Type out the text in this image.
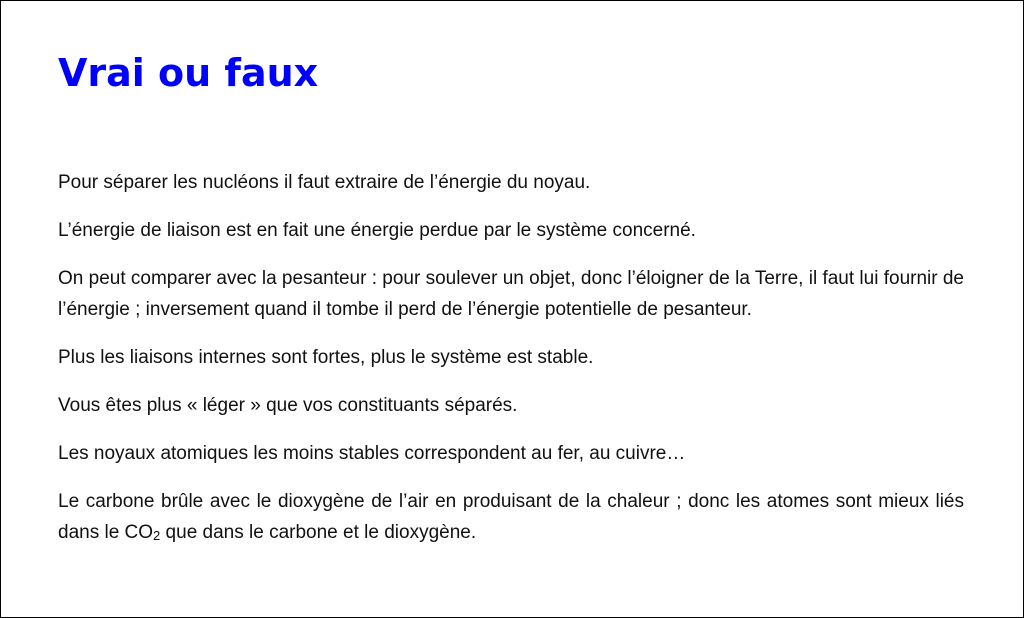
Vrai ou faux

Pour séparer les nucléons il faut extraire de l’énergie du noyau.

L’énergie de liaison est en fait une énergie perdue par le système concerné.

On peut comparer avec la pesanteur : pour soulever un objet, donc l’éloigner de la Terre, il faut lui fournir de l’énergie ; inversement quand il tombe il perd de l’énergie potentielle de pesanteur.

Plus les liaisons internes sont fortes, plus le système est stable.

Vous êtes plus « léger » que vos constituants séparés.

Les noyaux atomiques les moins stables correspondent au fer, au cuivre…

Le carbone brûle avec le dioxygène de l’air en produisant de la chaleur ; donc les atomes sont mieux liés dans le $CO_2$ que dans le carbone et le dioxygène.
